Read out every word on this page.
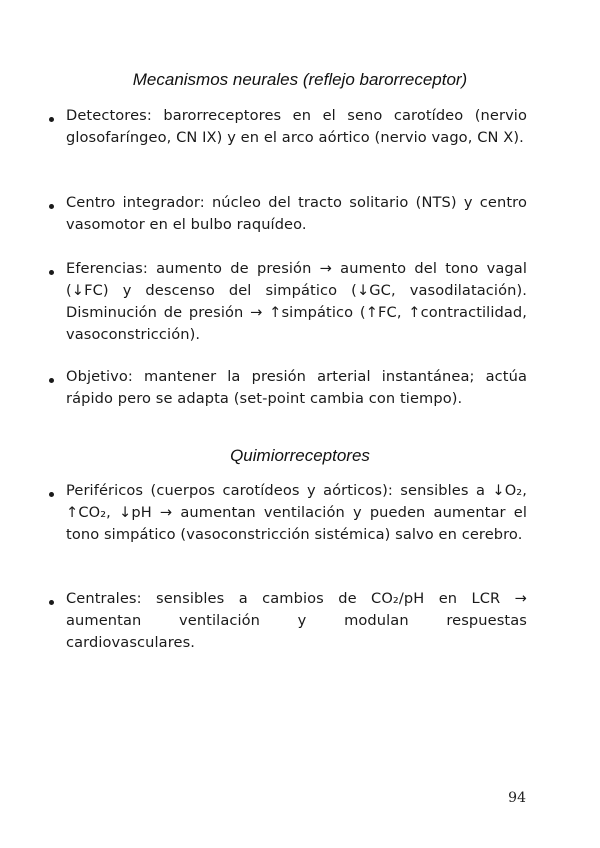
Mecanismos neurales (reflejo barorreceptor)
Detectores: barorreceptores en el seno carotídeo (nervio glosofaríngeo, CN IX) y en el arco aórtico (nervio vago, CN X).
Centro integrador: núcleo del tracto solitario (NTS) y centro vasomotor en el bulbo raquídeo.
Eferencias: aumento de presión → aumento del tono vagal (↓FC) y descenso del simpático (↓GC, vasodilatación). Disminución de presión → ↑simpático (↑FC, ↑contractilidad, vasoconstricción).
Objetivo: mantener la presión arterial instantánea; actúa rápido pero se adapta (set-point cambia con tiempo).
Quimiorreceptores
Periféricos (cuerpos carotídeos y aórticos): sensibles a ↓O₂, ↑CO₂, ↓pH → aumentan ventilación y pueden aumentar el tono simpático (vasoconstricción sistémica) salvo en cerebro.
Centrales: sensibles a cambios de CO₂/pH en LCR → aumentan ventilación y modulan respuestas cardiovasculares.
94
